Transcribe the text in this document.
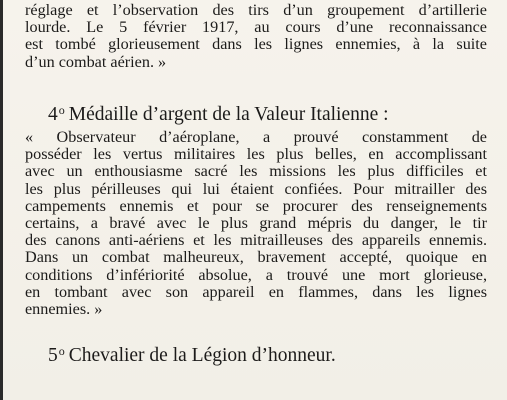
réglage et l’observation des tirs d’un groupement d’artillerie
lourde. Le 5 février 1917, au cours d’une reconnaissance
est tombé glorieusement dans les lignes ennemies, à la suite
d’un combat aérien. »
4$^o$ Médaille d’argent de la Valeur Italienne :
« Observateur d’aéroplane, a prouvé constamment de
posséder les vertus militaires les plus belles, en accomplissant
avec un enthousiasme sacré les missions les plus difficiles et
les plus périlleuses qui lui étaient confiées. Pour mitrailler des
campements ennemis et pour se procurer des renseignements
certains, a bravé avec le plus grand mépris du danger, le tir
des canons anti-aériens et les mitrailleuses des appareils ennemis.
Dans un combat malheureux, bravement accepté, quoique en
conditions d’infériorité absolue, a trouvé une mort glorieuse,
en tombant avec son appareil en flammes, dans les lignes
ennemies. »
5$^o$ Chevalier de la Légion d’honneur.
